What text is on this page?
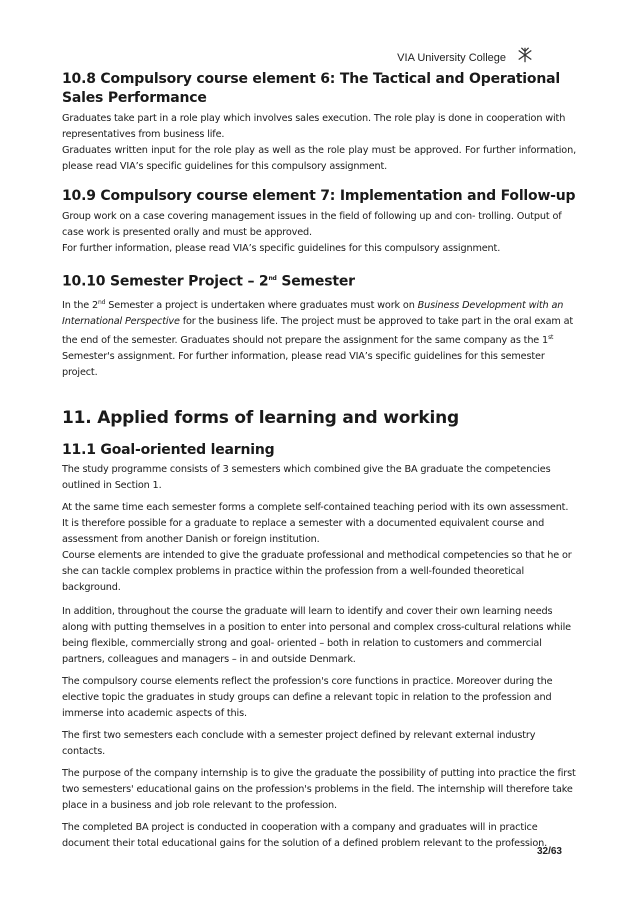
VIA University College
10.8 Compulsory course element 6: The Tactical and Operational Sales Performance

Graduates take part in a role play which involves sales execution. The role play is done in cooperation with representatives from business life.

Graduates written input for the role play as well as the role play must be approved. For further information, please read VIA’s specific guidelines for this compulsory assignment.

10.9 Compulsory course element 7: Implementation and Follow-up

Group work on a case covering management issues in the field of following up and con- trolling. Output of case work is presented orally and must be approved.

For further information, please read VIA’s specific guidelines for this compulsory assignment.

10.10 Semester Project – 2nd Semester

In the 2nd Semester a project is undertaken where graduates must work on Business Development with an International Perspective for the business life. The project must be approved to take part in the oral exam at the end of the semester. Graduates should not prepare the assignment for the same company as the 1st Semester's assignment. For further information, please read VIA’s specific guidelines for this semester project.

11. Applied forms of learning and working
11.1 Goal-oriented learning

The study programme consists of 3 semesters which combined give the BA graduate the competencies outlined in Section 1.

At the same time each semester forms a complete self-contained teaching period with its own assessment. It is therefore possible for a graduate to replace a semester with a documented equivalent course and assessment from another Danish or foreign institution.

Course elements are intended to give the graduate professional and methodical competencies so that he or she can tackle complex problems in practice within the profession from a well-founded theoretical background.

In addition, throughout the course the graduate will learn to identify and cover their own learning needs along with putting themselves in a position to enter into personal and complex cross-cultural relations while being flexible, commercially strong and goal- oriented – both in relation to customers and commercial partners, colleagues and managers – in and outside Denmark.

The compulsory course elements reflect the profession's core functions in practice. Moreover during the elective topic the graduates in study groups can define a relevant topic in relation to the profession and immerse into academic aspects of this.

The first two semesters each conclude with a semester project defined by relevant external industry contacts.

The purpose of the company internship is to give the graduate the possibility of putting into practice the first two semesters' educational gains on the profession's problems in the field. The internship will therefore take place in a business and job role relevant to the profession.

The completed BA project is conducted in cooperation with a company and graduates will in practice document their total educational gains for the solution of a defined problem relevant to the profession.

32/63
